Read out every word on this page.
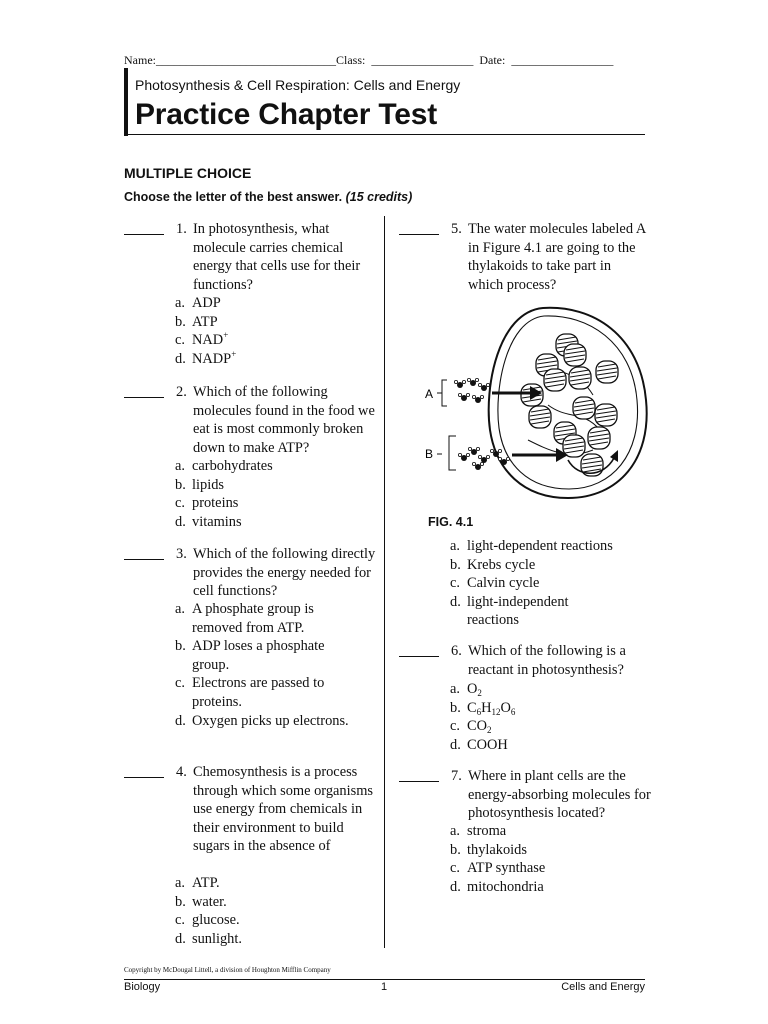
Name:______________________________Class: _________________ Date: _________________
Photosynthesis & Cell Respiration: Cells and Energy
Practice Chapter Test
MULTIPLE CHOICE
Choose the letter of the best answer. (15 credits)
1. In photosynthesis, what molecule carries chemical energy that cells use for their functions?
a. ADP
b. ATP
c. NAD+
d. NADP+
2. Which of the following molecules found in the food we eat is most commonly broken down to make ATP?
a. carbohydrates
b. lipids
c. proteins
d. vitamins
3. Which of the following directly provides the energy needed for cell functions?
a. A phosphate group is removed from ATP.
b. ADP loses a phosphate group.
c. Electrons are passed to proteins.
d. Oxygen picks up electrons.
4. Chemosynthesis is a process through which some organisms use energy from chemicals in their environment to build sugars in the absence of
a. ATP.
b. water.
c. glucose.
d. sunlight.
5. The water molecules labeled A in Figure 4.1 are going to the thylakoids to take part in which process?
A
B
FIG. 4.1
a. light-dependent reactions
b. Krebs cycle
c. Calvin cycle
d. light-independent reactions
6. Which of the following is a reactant in photosynthesis?
a. $O_2$
b. $C_6H_{12}O_6$
c. $CO_2$
d. COOH
7. Where in plant cells are the energy-absorbing molecules for photosynthesis located?
a. stroma
b. thylakoids
c. ATP synthase
d. mitochondria
Copyright by McDougal Littell, a division of Houghton Mifflin Company
Biology	1	Cells and Energy
